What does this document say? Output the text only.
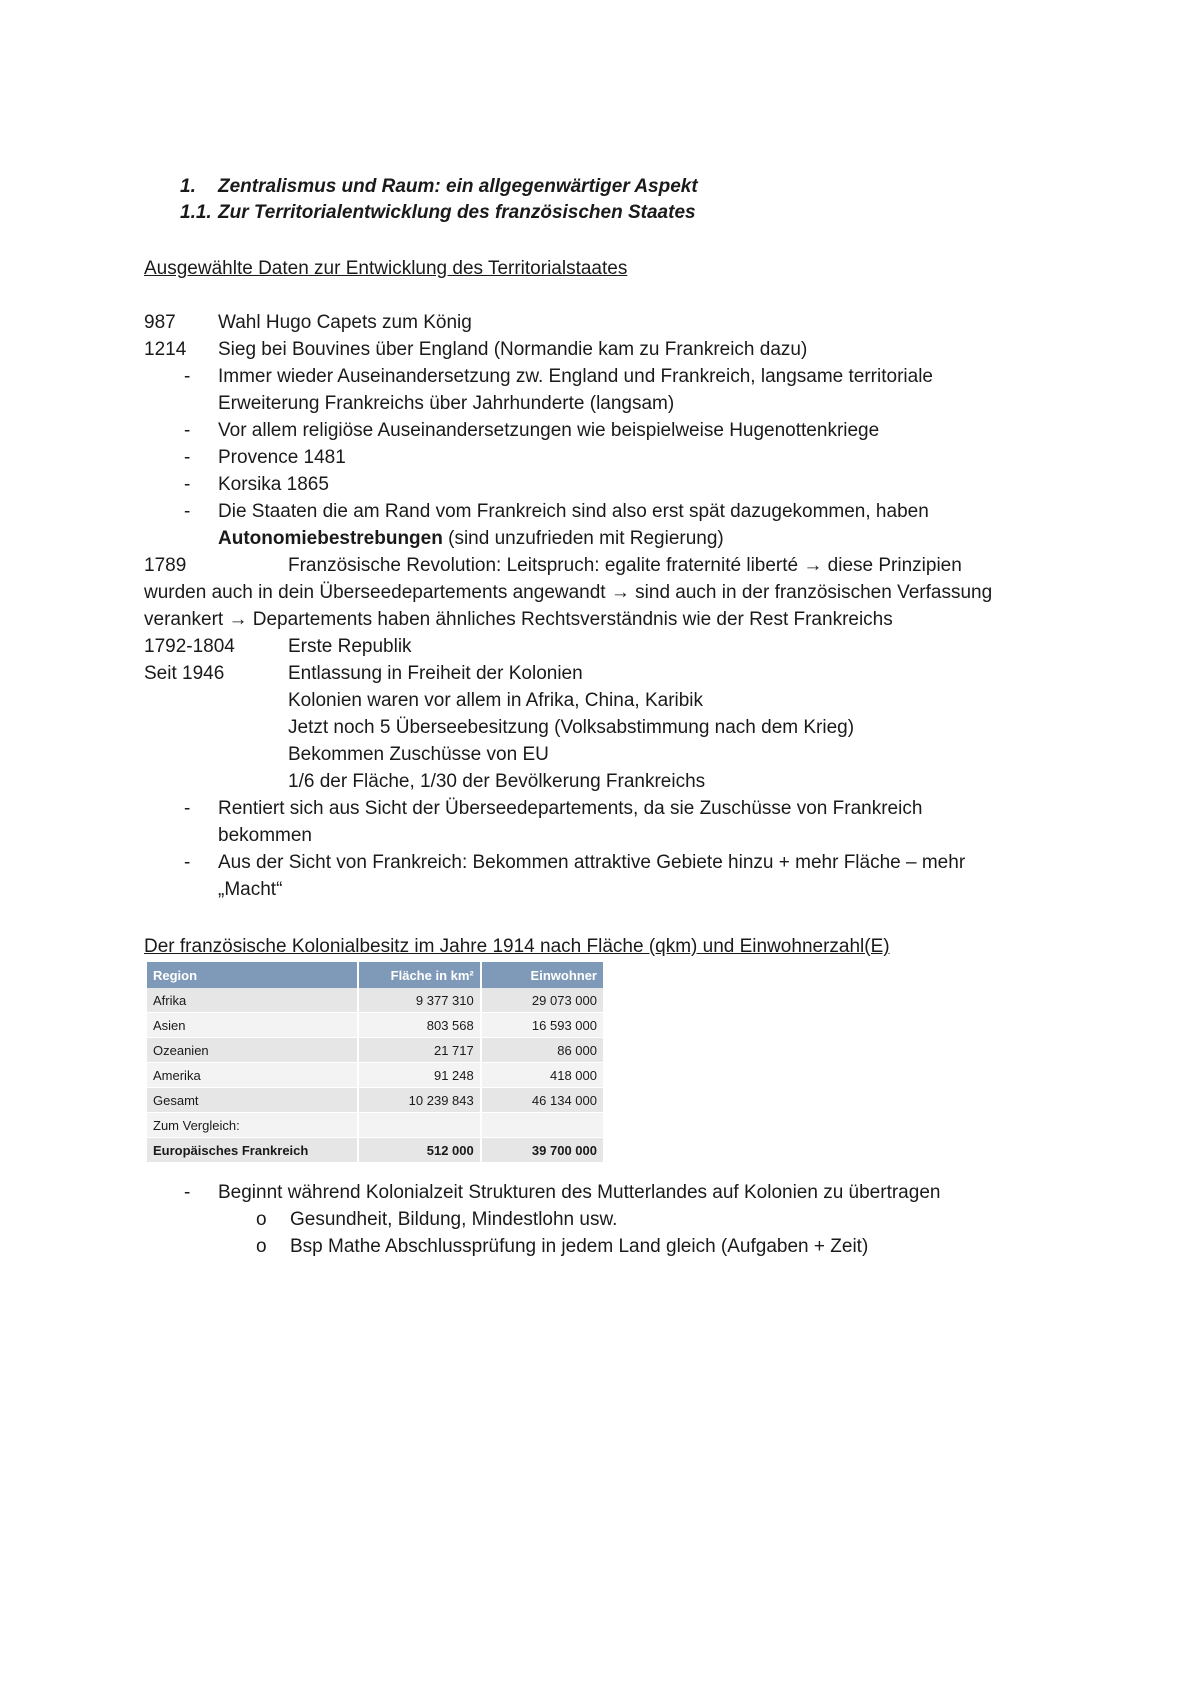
1. Zentralismus und Raum: ein allgegenwärtiger Aspekt
1.1. Zur Territorialentwicklung des französischen Staates
Ausgewählte Daten zur Entwicklung des Territorialstaates
987 Wahl Hugo Capets zum König
1214 Sieg bei Bouvines über England (Normandie kam zu Frankreich dazu)
- Immer wieder Auseinandersetzung zw. England und Frankreich, langsame territoriale
Erweiterung Frankreichs über Jahrhunderte (langsam)
- Vor allem religiöse Auseinandersetzungen wie beispielweise Hugenottenkriege
- Provence 1481
- Korsika 1865
- Die Staaten die am Rand vom Frankreich sind also erst spät dazugekommen, haben
Autonomiebestrebungen (sind unzufrieden mit Regierung)
1789	Französische Revolution: Leitspruch: egalite fraternité liberté → diese Prinzipien
wurden auch in dein Überseedepartements angewandt → sind auch in der französischen Verfassung
verankert → Departements haben ähnliches Rechtsverständnis wie der Rest Frankreichs
1792-1804	Erste Republik
Seit 1946	Entlassung in Freiheit der Kolonien
Kolonien waren vor allem in Afrika, China, Karibik
Jetzt noch 5 Überseebesitzung (Volksabstimmung nach dem Krieg)
Bekommen Zuschüsse von EU
1/6 der Fläche, 1/30 der Bevölkerung Frankreichs
- Rentiert sich aus Sicht der Überseedepartements, da sie Zuschüsse von Frankreich
bekommen
- Aus der Sicht von Frankreich: Bekommen attraktive Gebiete hinzu + mehr Fläche – mehr
„Macht“
Der französische Kolonialbesitz im Jahre 1914 nach Fläche (qkm) und Einwohnerzahl(E)
Region	Fläche in km²	Einwohner
Afrika	9 377 310	29 073 000
Asien	803 568	16 593 000
Ozeanien	21 717	86 000
Amerika	91 248	418 000
Gesamt	10 239 843	46 134 000
Zum Vergleich:		
Europäisches Frankreich	512 000	39 700 000
- Beginnt während Kolonialzeit Strukturen des Mutterlandes auf Kolonien zu übertragen
o Gesundheit, Bildung, Mindestlohn usw.
o Bsp Mathe Abschlussprüfung in jedem Land gleich (Aufgaben + Zeit)
